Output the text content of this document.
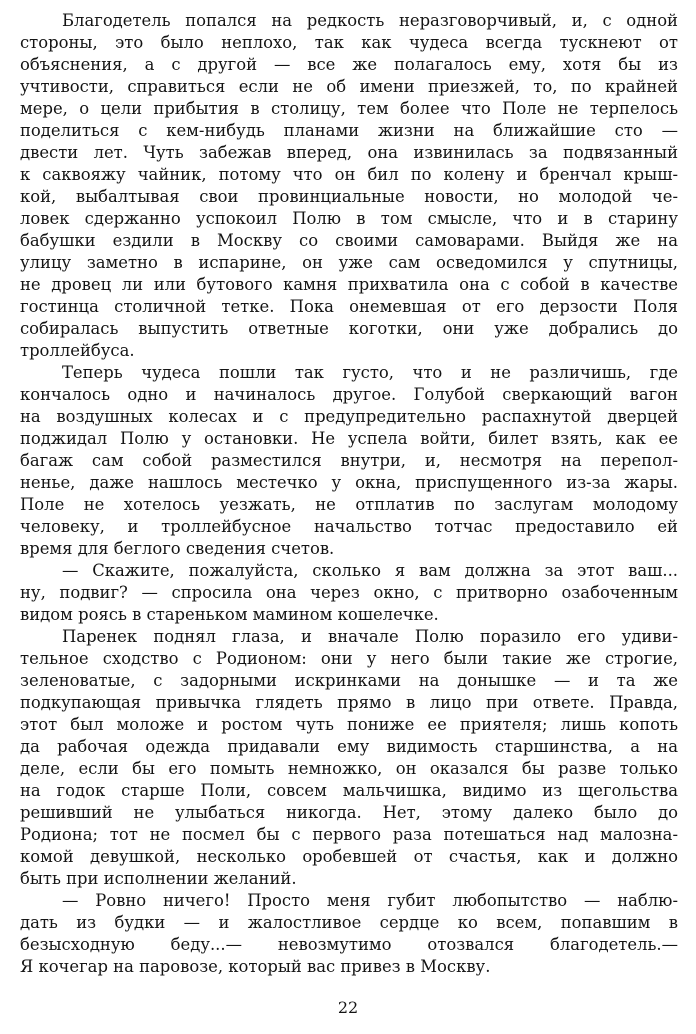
Благодетель попался на редкость неразговорчивый, и, с одной
стороны, это было неплохо, так как чудеса всегда тускнеют от
объяснения, а с другой — все же полагалось ему, хотя бы из
учтивости, справиться если не об имени приезжей, то, по крайней
мере, о цели прибытия в столицу, тем более что Поле не терпелось
поделиться с кем-нибудь планами жизни на ближайшие сто —
двести лет. Чуть забежав вперед, она извинилась за подвязанный
к саквояжу чайник, потому что он бил по колену и бренчал крыш-
кой, выбалтывая свои провинциальные новости, но молодой че-
ловек сдержанно успокоил Полю в том смысле, что и в старину
бабушки ездили в Москву со своими самоварами. Выйдя же на
улицу заметно в испарине, он уже сам осведомился у спутницы,
не дровец ли или бутового камня прихватила она с собой в качестве
гостинца столичной тетке. Пока онемевшая от его дерзости Поля
собиралась выпустить ответные коготки, они уже добрались до
троллейбуса.

Теперь чудеса пошли так густо, что и не различишь, где
кончалось одно и начиналось другое. Голубой сверкающий вагон
на воздушных колесах и с предупредительно распахнутой дверцей
поджидал Полю у остановки. Не успела войти, билет взять, как ее
багаж сам собой разместился внутри, и, несмотря на перепол-
ненье, даже нашлось местечко у окна, приспущенного из-за жары.
Поле не хотелось уезжать, не отплатив по заслугам молодому
человеку, и троллейбусное начальство тотчас предоставило ей
время для беглого сведения счетов.

— Скажите, пожалуйста, сколько я вам должна за этот ваш...
ну, подвиг? — спросила она через окно, с притворно озабоченным
видом роясь в стареньком мамином кошелечке.

Паренек поднял глаза, и вначале Полю поразило его удиви-
тельное сходство с Родионом: они у него были такие же строгие,
зеленоватые, с задорными искринками на донышке — и та же
подкупающая привычка глядеть прямо в лицо при ответе. Правда,
этот был моложе и ростом чуть пониже ее приятеля; лишь копоть
да рабочая одежда придавали ему видимость старшинства, а на
деле, если бы его помыть немножко, он оказался бы разве только
на годок старше Поли, совсем мальчишка, видимо из щегольства
решивший не улыбаться никогда. Нет, этому далеко было до
Родиона; тот не посмел бы с первого раза потешаться над малозна-
комой девушкой, несколько оробевшей от счастья, как и должно
быть при исполнении желаний.

— Ровно ничего! Просто меня губит любопытство — наблю-
дать из будки — и жалостливое сердце ко всем, попавшим в
безысходную беду...— невозмутимо отозвался благодетель.—
Я кочегар на паровозе, который вас привез в Москву.

22
